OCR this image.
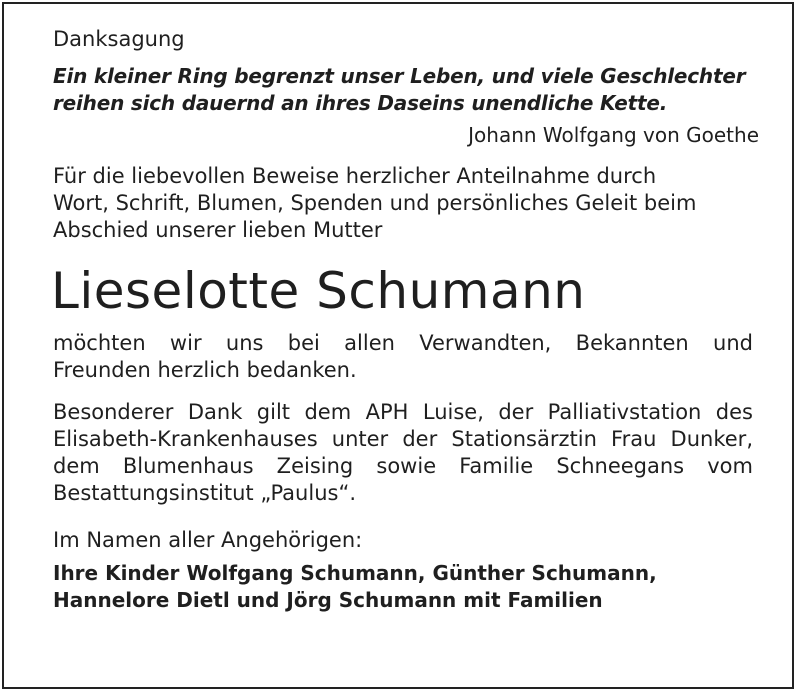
Danksagung

Ein kleiner Ring begrenzt unser Leben, und viele Geschlechter
reihen sich dauernd an ihres Daseins unendliche Kette.
Johann Wolfgang von Goethe
Für die liebevollen Beweise herzlicher Anteilnahme durch
Wort, Schrift, Blumen, Spenden und persönliches Geleit beim
Abschied unserer lieben Mutter
Lieselotte Schumann
möchten wir uns bei allen Verwandten, Bekannten und
Freunden herzlich bedanken.
Besonderer Dank gilt dem APH Luise, der Palliativstation des
Elisabeth-Krankenhauses unter der Stationsärztin Frau Dunker,
dem Blumenhaus Zeising sowie Familie Schneegans vom
Bestattungsinstitut „Paulus“.
Im Namen aller Angehörigen:
Ihre Kinder Wolfgang Schumann, Günther Schumann,
Hannelore Dietl und Jörg Schumann mit Familien
